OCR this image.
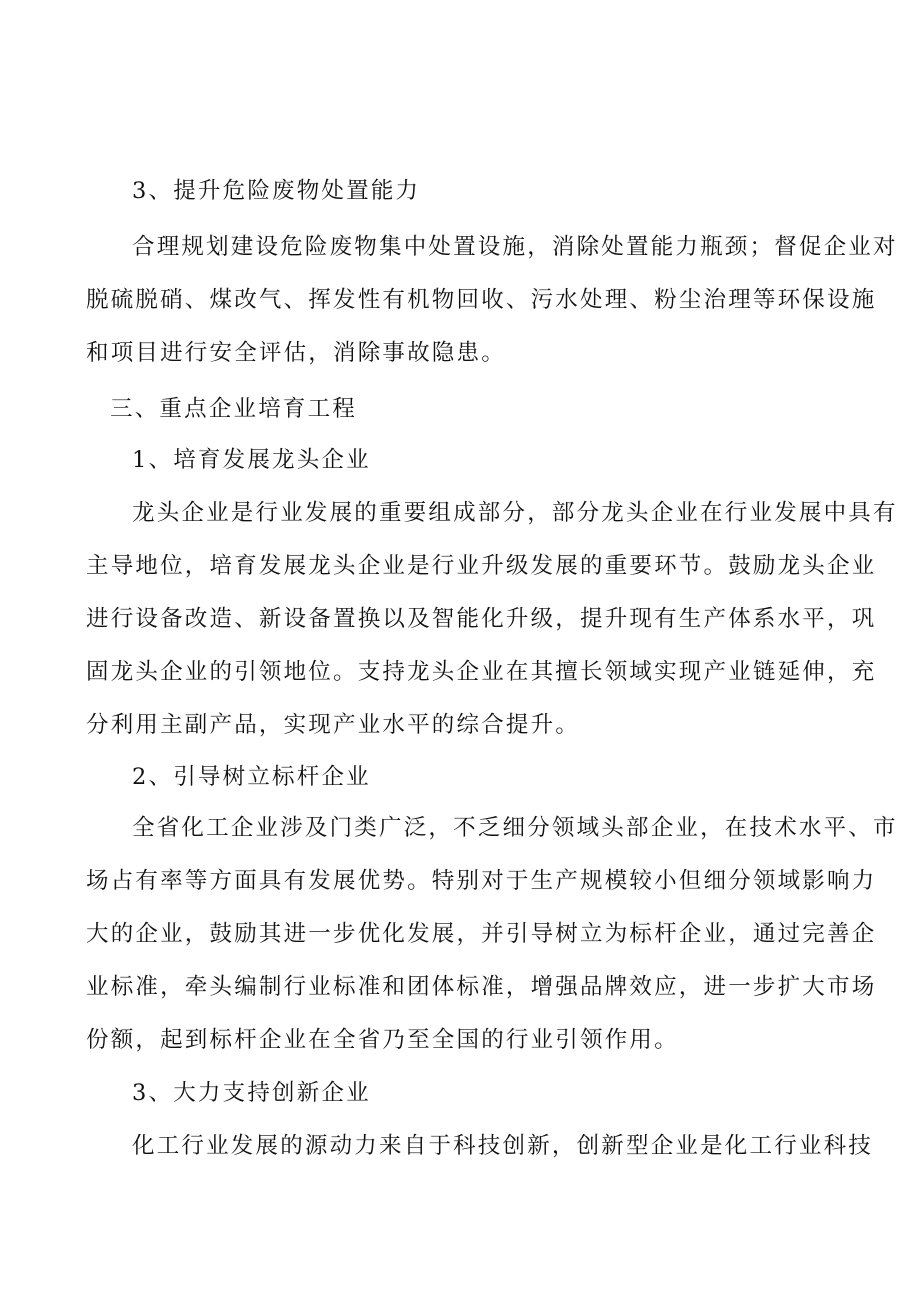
3、提升危险废物处置能力
合理规划建设危险废物集中处置设施，消除处置能力瓶颈；督促企业对
脱硫脱硝、煤改气、挥发性有机物回收、污水处理、粉尘治理等环保设施
和项目进行安全评估，消除事故隐患。
三、重点企业培育工程
1、培育发展龙头企业
龙头企业是行业发展的重要组成部分，部分龙头企业在行业发展中具有
主导地位，培育发展龙头企业是行业升级发展的重要环节。鼓励龙头企业
进行设备改造、新设备置换以及智能化升级，提升现有生产体系水平，巩
固龙头企业的引领地位。支持龙头企业在其擅长领域实现产业链延伸，充
分利用主副产品，实现产业水平的综合提升。
2、引导树立标杆企业
全省化工企业涉及门类广泛，不乏细分领域头部企业，在技术水平、市
场占有率等方面具有发展优势。特别对于生产规模较小但细分领域影响力
大的企业，鼓励其进一步优化发展，并引导树立为标杆企业，通过完善企
业标准，牵头编制行业标准和团体标准，增强品牌效应，进一步扩大市场
份额，起到标杆企业在全省乃至全国的行业引领作用。
3、大力支持创新企业
化工行业发展的源动力来自于科技创新，创新型企业是化工行业科技
